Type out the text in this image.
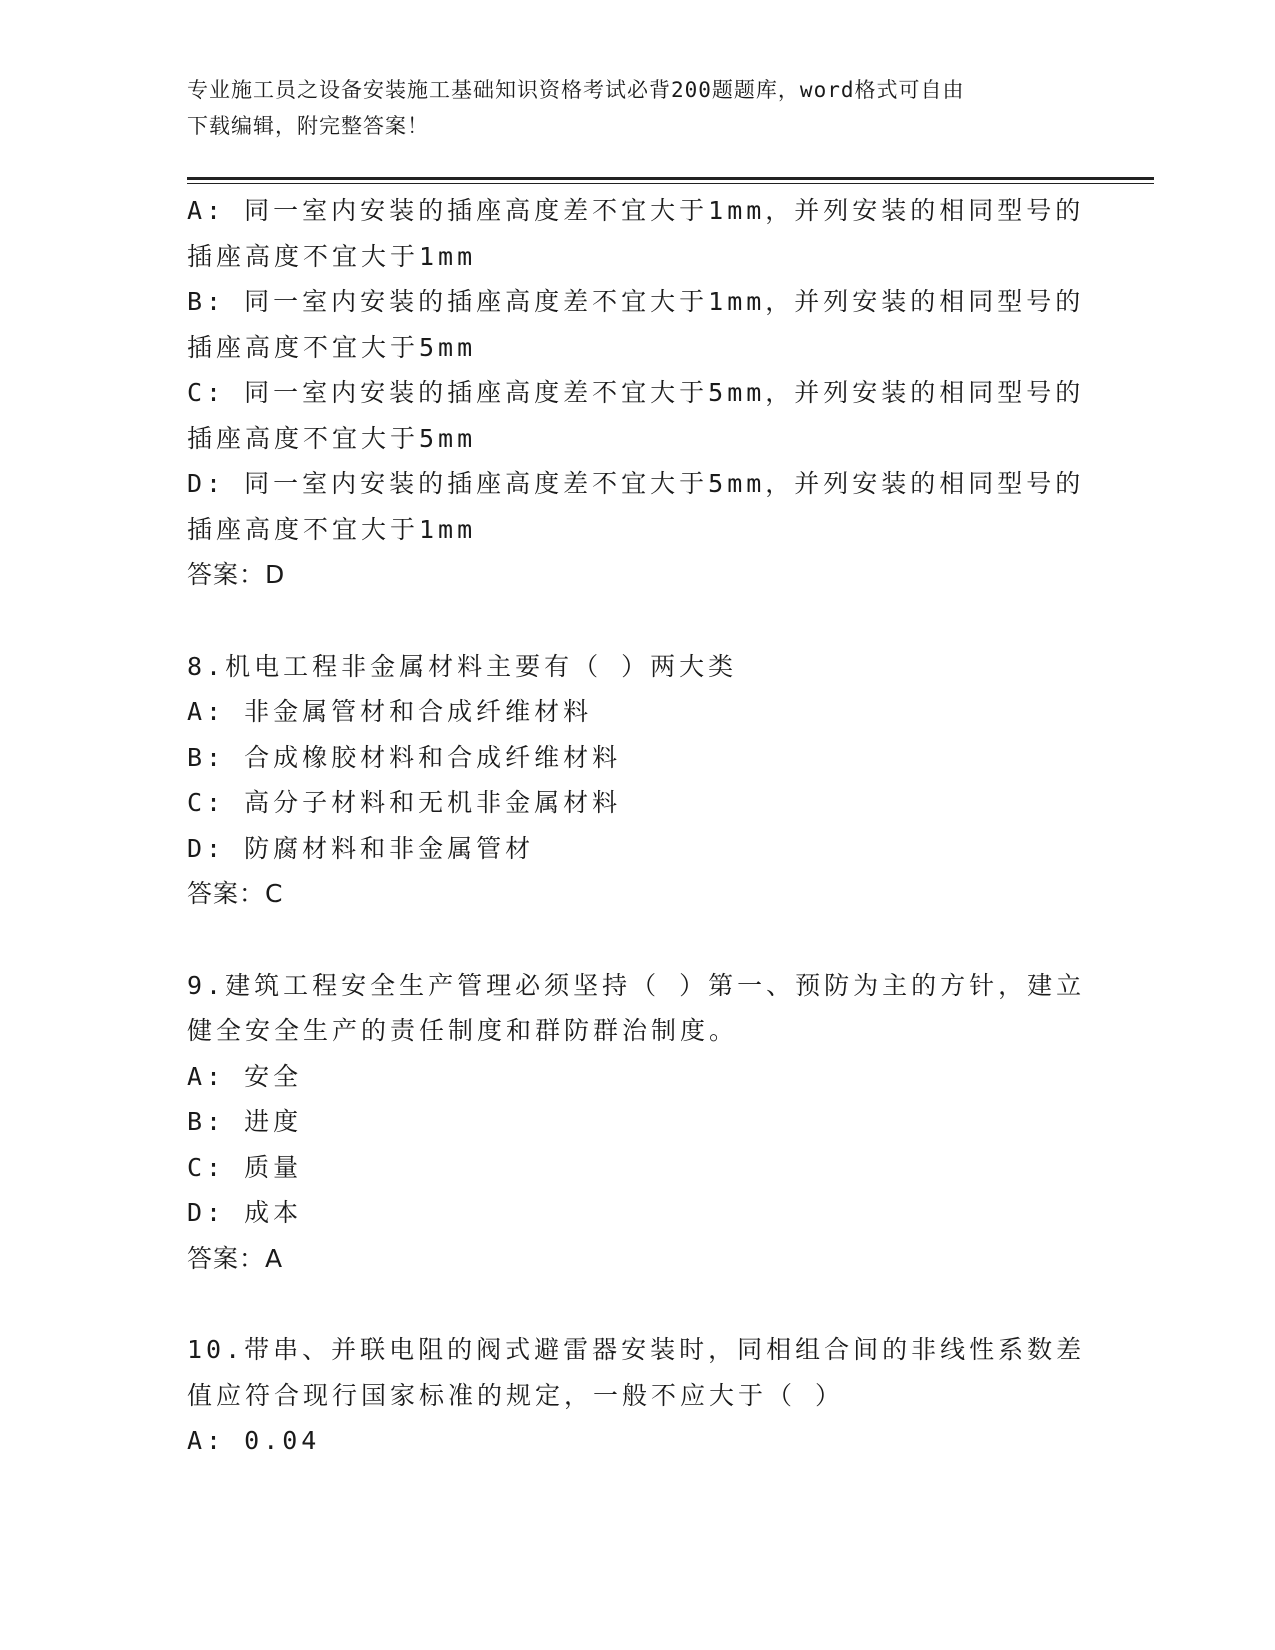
专业施工员之设备安装施工基础知识资格考试必背200题题库，word格式可自由
下载编辑，附完整答案！
A: 同一室内安装的插座高度差不宜大于1mm，并列安装的相同型号的
插座高度不宜大于1mm
B: 同一室内安装的插座高度差不宜大于1mm，并列安装的相同型号的
插座高度不宜大于5mm
C: 同一室内安装的插座高度差不宜大于5mm，并列安装的相同型号的
插座高度不宜大于5mm
D: 同一室内安装的插座高度差不宜大于5mm，并列安装的相同型号的
插座高度不宜大于1mm
答案：D
8.机电工程非金属材料主要有（ ）两大类
A: 非金属管材和合成纤维材料
B: 合成橡胶材料和合成纤维材料
C: 高分子材料和无机非金属材料
D: 防腐材料和非金属管材
答案：C
9.建筑工程安全生产管理必须坚持（ ）第一、预防为主的方针，建立
健全安全生产的责任制度和群防群治制度。
A: 安全
B: 进度
C: 质量
D: 成本
答案：A
10.带串、并联电阻的阀式避雷器安装时，同相组合间的非线性系数差
值应符合现行国家标准的规定，一般不应大于（ ）
A: 0.04
